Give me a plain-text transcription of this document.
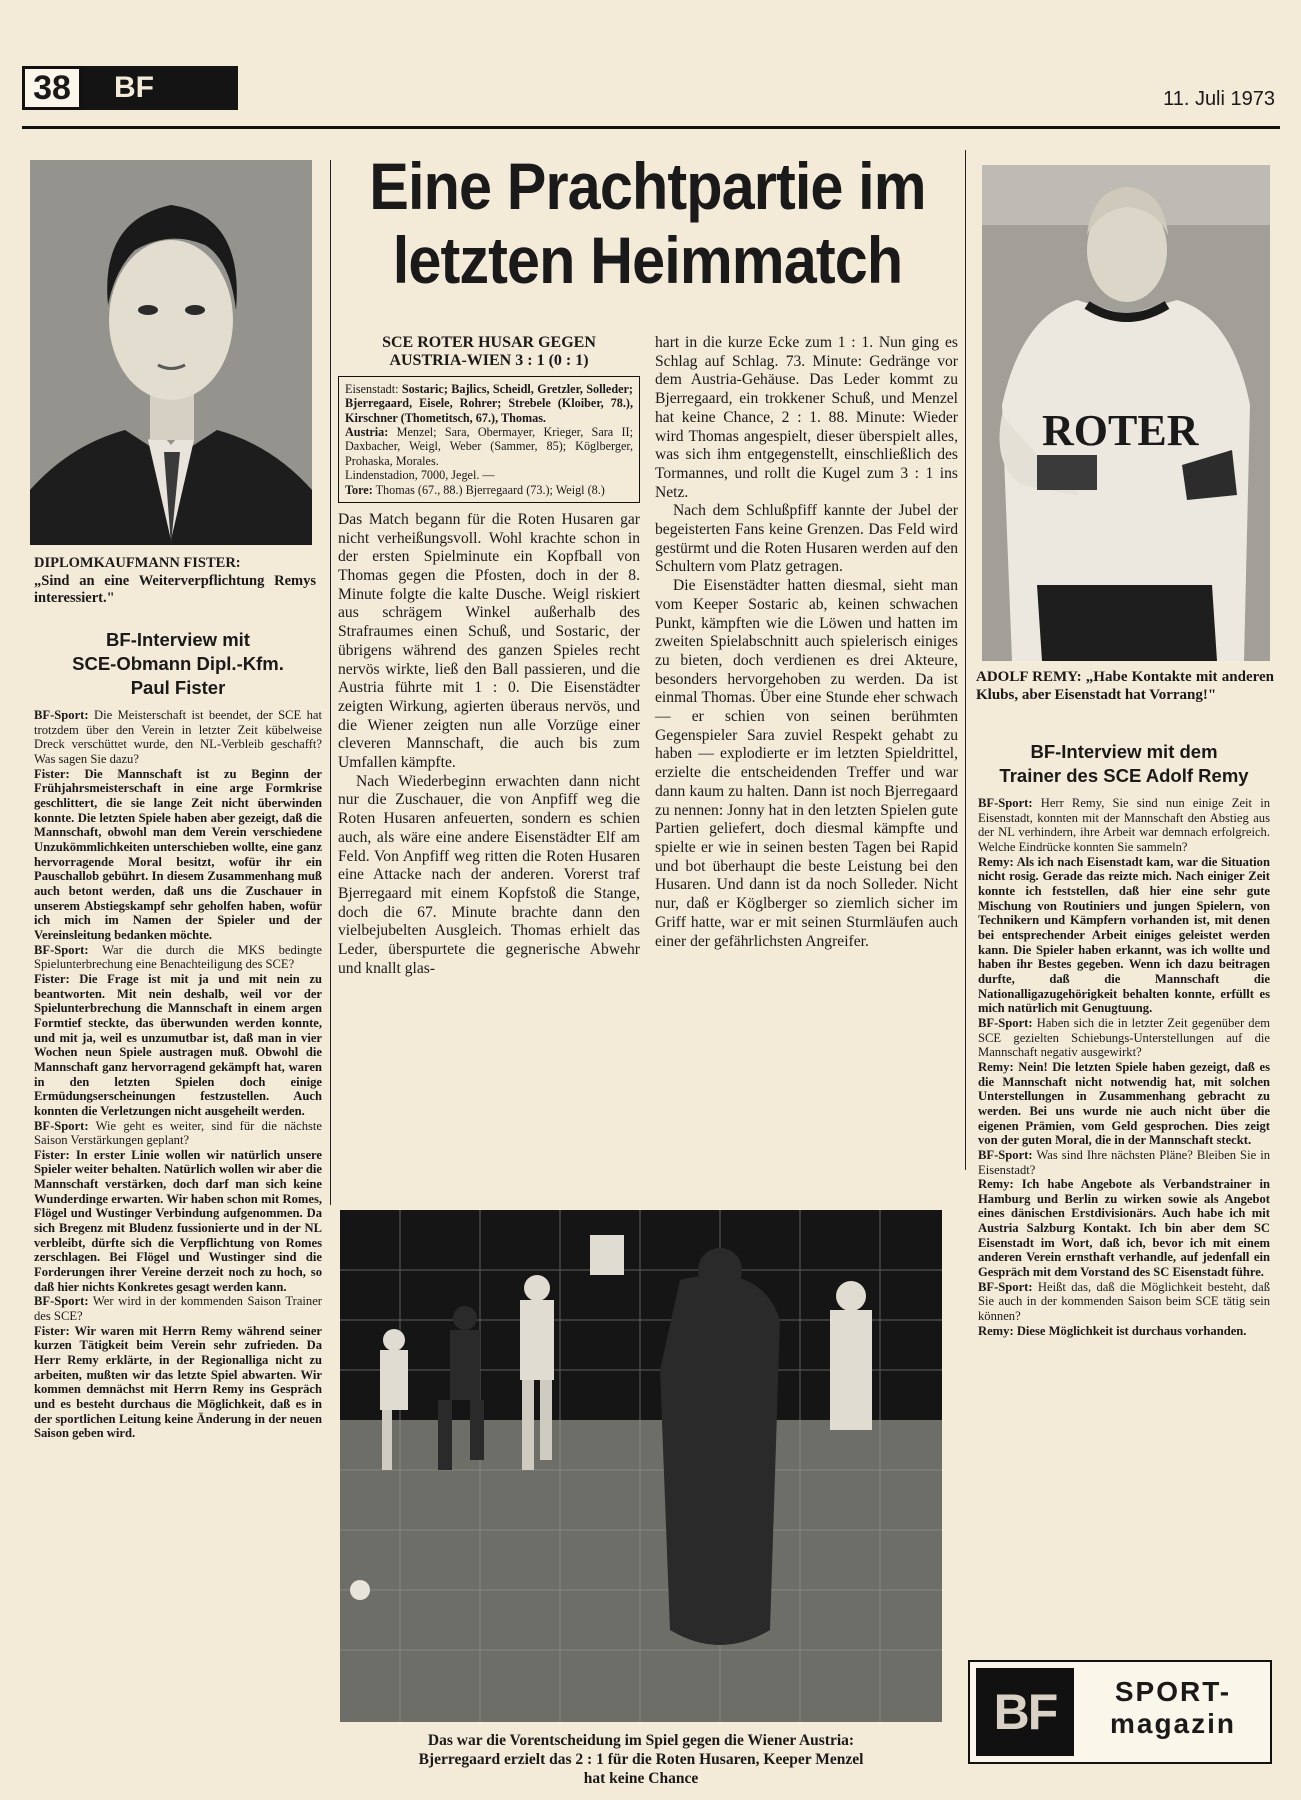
38	BF	11. Juli 1973
DIPLOMKAUFMANN FISTER:
„Sind an eine Weiterverpflichtung Remys interessiert."
BF-Interview mit
SCE-Obmann Dipl.-Kfm.
Paul Fister

BF-Sport: Die Meisterschaft ist beendet, der SCE hat trotzdem über den Verein in letzter Zeit kübelweise Dreck verschüttet wurde, den NL-Verbleib geschafft? Was sagen Sie dazu?

Fister: Die Mannschaft ist zu Beginn der Frühjahrsmeisterschaft in eine arge Formkrise geschlittert, die sie lange Zeit nicht überwinden konnte. Die letzten Spiele haben aber gezeigt, daß die Mannschaft, obwohl man dem Verein verschiedene Unzukömmlichkeiten unterschieben wollte, eine ganz hervorragende Moral besitzt, wofür ihr ein Pauschallob gebührt. In diesem Zusammenhang muß auch betont werden, daß uns die Zuschauer in unserem Abstiegskampf sehr geholfen haben, wofür ich mich im Namen der Spieler und der Vereinsleitung bedanken möchte.

BF-Sport: War die durch die MKS bedingte Spielunterbrechung eine Benachteiligung des SCE?

Fister: Die Frage ist mit ja und mit nein zu beantworten. Mit nein deshalb, weil vor der Spielunterbrechung die Mannschaft in einem argen Formtief steckte, das überwunden werden konnte, und mit ja, weil es unzumutbar ist, daß man in vier Wochen neun Spiele austragen muß. Obwohl die Mannschaft ganz hervorragend gekämpft hat, waren in den letzten Spielen doch einige Ermüdungserscheinungen festzustellen. Auch konnten die Verletzungen nicht ausgeheilt werden.

BF-Sport: Wie geht es weiter, sind für die nächste Saison Verstärkungen geplant?

Fister: In erster Linie wollen wir natürlich unsere Spieler weiter behalten. Natürlich wollen wir aber die Mannschaft verstärken, doch darf man sich keine Wunderdinge erwarten. Wir haben schon mit Romes, Flögel und Wustinger Verbindung aufgenommen. Da sich Bregenz mit Bludenz fussionierte und in der NL verbleibt, dürfte sich die Verpflichtung von Romes zerschlagen. Bei Flögel und Wustinger sind die Forderungen ihrer Vereine derzeit noch zu hoch, so daß hier nichts Konkretes gesagt werden kann.

BF-Sport: Wer wird in der kommenden Saison Trainer des SCE?

Fister: Wir waren mit Herrn Remy während seiner kurzen Tätigkeit beim Verein sehr zufrieden. Da Herr Remy erklärte, in der Regionalliga nicht zu arbeiten, mußten wir das letzte Spiel abwarten. Wir kommen demnächst mit Herrn Remy ins Gespräch und es besteht durchaus die Möglichkeit, daß es in der sportlichen Leitung keine Änderung in der neuen Saison geben wird.

Eine Prachtpartie im
letzten Heimmatch
SCE ROTER HUSAR GEGEN
AUSTRIA-WIEN 3 : 1 (0 : 1)

Eisenstadt: Sostaric; Bajlics, Scheidl, Gretzler, Solleder; Bjerregaard, Eisele, Rohrer; Strebele (Kloiber, 78.), Kirschner (Thometitsch, 67.), Thomas.

Austria: Menzel; Sara, Obermayer, Krieger, Sara II; Daxbacher, Weigl, Weber (Sammer, 85); Köglberger, Prohaska, Morales.

Lindenstadion, 7000, Jegel. —

Tore: Thomas (67., 88.) Bjerregaard (73.); Weigl (8.)

Das Match begann für die Roten Husaren gar nicht verheißungsvoll. Wohl krachte schon in der ersten Spielminute ein Kopfball von Thomas gegen die Pfosten, doch in der 8. Minute folgte die kalte Dusche. Weigl riskiert aus schrägem Winkel außerhalb des Strafraumes einen Schuß, und Sostaric, der übrigens während des ganzen Spieles recht nervös wirkte, ließ den Ball passieren, und die Austria führte mit 1 : 0. Die Eisenstädter zeigten Wirkung, agierten überaus nervös, und die Wiener zeigten nun alle Vorzüge einer cleveren Mannschaft, die auch bis zum Umfallen kämpfte.

Nach Wiederbeginn erwachten dann nicht nur die Zuschauer, die von Anpfiff weg die Roten Husaren anfeuerten, sondern es schien auch, als wäre eine andere Eisenstädter Elf am Feld. Von Anpfiff weg ritten die Roten Husaren eine Attacke nach der anderen. Vorerst traf Bjerregaard mit einem Kopfstoß die Stange, doch die 67. Minute brachte dann den vielbejubelten Ausgleich. Thomas erhielt das Leder, überspurtete die gegnerische Abwehr und knallt glas-

hart in die kurze Ecke zum 1 : 1. Nun ging es Schlag auf Schlag. 73. Minute: Gedränge vor dem Austria-Gehäuse. Das Leder kommt zu Bjerregaard, ein trokkener Schuß, und Menzel hat keine Chance, 2 : 1. 88. Minute: Wieder wird Thomas angespielt, dieser überspielt alles, was sich ihm entgegenstellt, einschließlich des Tormannes, und rollt die Kugel zum 3 : 1 ins Netz.

Nach dem Schlußpfiff kannte der Jubel der begeisterten Fans keine Grenzen. Das Feld wird gestürmt und die Roten Husaren werden auf den Schultern vom Platz getragen.

Die Eisenstädter hatten diesmal, sieht man vom Keeper Sostaric ab, keinen schwachen Punkt, kämpften wie die Löwen und hatten im zweiten Spielabschnitt auch spielerisch einiges zu bieten, doch verdienen es drei Akteure, besonders hervorgehoben zu werden. Da ist einmal Thomas. Über eine Stunde eher schwach — er schien von seinen berühmten Gegenspieler Sara zuviel Respekt gehabt zu haben — explodierte er im letzten Spieldrittel, erzielte die entscheidenden Treffer und war dann kaum zu halten. Dann ist noch Bjerregaard zu nennen: Jonny hat in den letzten Spielen gute Partien geliefert, doch diesmal kämpfte und spielte er wie in seinen besten Tagen bei Rapid und bot überhaupt die beste Leistung bei den Husaren. Und dann ist da noch Solleder. Nicht nur, daß er Köglberger so ziemlich sicher im Griff hatte, war er mit seinen Sturmläufen auch einer der gefährlichsten Angreifer.

ROTER
ADOLF REMY: „Habe Kontakte mit anderen Klubs, aber Eisenstadt hat Vorrang!"
BF-Interview mit dem
Trainer des SCE Adolf Remy

BF-Sport: Herr Remy, Sie sind nun einige Zeit in Eisenstadt, konnten mit der Mannschaft den Abstieg aus der NL verhindern, ihre Arbeit war demnach erfolgreich. Welche Eindrücke konnten Sie sammeln?

Remy: Als ich nach Eisenstadt kam, war die Situation nicht rosig. Gerade das reizte mich. Nach einiger Zeit konnte ich feststellen, daß hier eine sehr gute Mischung von Routiniers und jungen Spielern, von Technikern und Kämpfern vorhanden ist, mit denen bei entsprechender Arbeit einiges geleistet werden kann. Die Spieler haben erkannt, was ich wollte und haben ihr Bestes gegeben. Wenn ich dazu beitragen durfte, daß die Mannschaft die Nationalligazugehörigkeit behalten konnte, erfüllt es mich natürlich mit Genugtuung.

BF-Sport: Haben sich die in letzter Zeit gegenüber dem SCE gezielten Schiebungs-Unterstellungen auf die Mannschaft negativ ausgewirkt?

Remy: Nein! Die letzten Spiele haben gezeigt, daß es die Mannschaft nicht notwendig hat, mit solchen Unterstellungen in Zusammenhang gebracht zu werden. Bei uns wurde nie auch nicht über die eigenen Prämien, vom Geld gesprochen. Dies zeigt von der guten Moral, die in der Mannschaft steckt.

BF-Sport: Was sind Ihre nächsten Pläne? Bleiben Sie in Eisenstadt?

Remy: Ich habe Angebote als Verbandstrainer in Hamburg und Berlin zu wirken sowie als Angebot eines dänischen Erstdivisionärs. Auch habe ich mit Austria Salzburg Kontakt. Ich bin aber dem SC Eisenstadt im Wort, daß ich, bevor ich mit einem anderen Verein ernsthaft verhandle, auf jedenfall ein Gespräch mit dem Vorstand des SC Eisenstadt führe.

BF-Sport: Heißt das, daß die Möglichkeit besteht, daß Sie auch in der kommenden Saison beim SCE tätig sein können?

Remy: Diese Möglichkeit ist durchaus vorhanden.

Das war die Vorentscheidung im Spiel gegen die Wiener Austria:
Bjerregaard erzielt das 2 : 1 für die Roten Husaren, Keeper Menzel
hat keine Chance
BF	SPORT-
magazin
